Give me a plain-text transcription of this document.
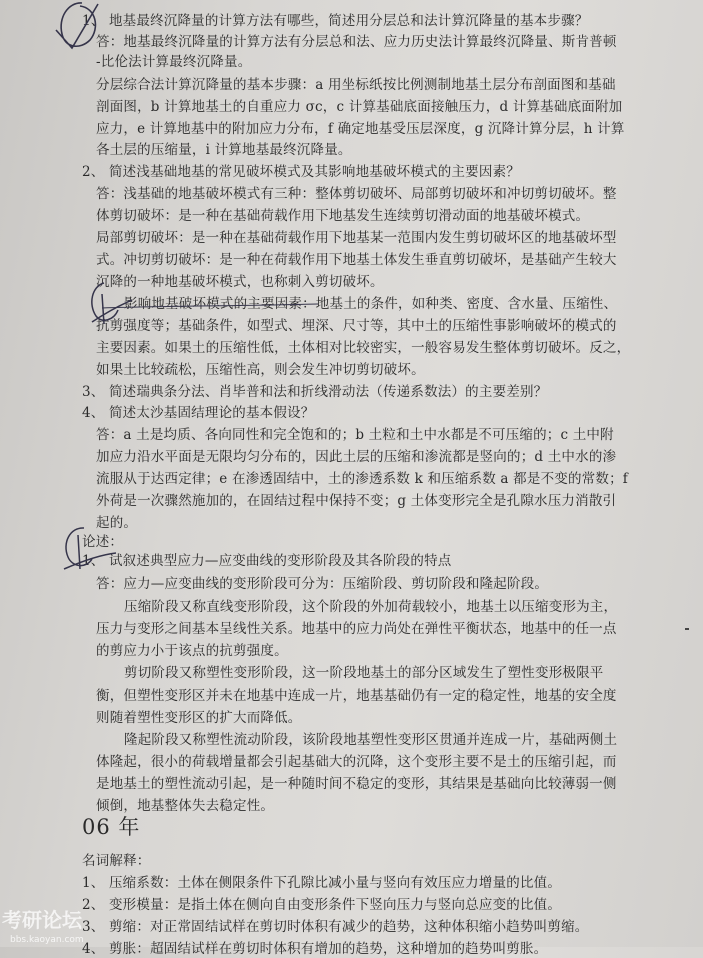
1、 地基最终沉降量的计算方法有哪些，简述用分层总和法计算沉降量的基本步骤？
答：地基最终沉降量的计算方法有分层总和法、应力历史法计算最终沉降量、斯肯普顿
-比伦法计算最终沉降量。
分层综合法计算沉降量的基本步骤：a 用坐标纸按比例测制地基土层分布剖面图和基础
剖面图，b 计算地基土的自重应力 σc，c 计算基础底面接触压力，d 计算基础底面附加
应力，e 计算地基中的附加应力分布，f 确定地基受压层深度，g 沉降计算分层，h 计算
各土层的压缩量，i 计算地基最终沉降量。
2、 简述浅基础地基的常见破坏模式及其影响地基破坏模式的主要因素？
答：浅基础的地基破坏模式有三种：整体剪切破坏、局部剪切破坏和冲切剪切破坏。整
体剪切破坏：是一种在基础荷载作用下地基发生连续剪切滑动面的地基破坏模式。
局部剪切破坏：是一种在基础荷载作用下地基某一范围内发生剪切破坏区的地基破坏型
式。冲切剪切破坏：是一种在荷载作用下地基土体发生垂直剪切破坏，是基础产生较大
沉降的一种地基破坏模式，也称刺入剪切破坏。
影响地基破坏模式的主要因素：地基土的条件，如种类、密度、含水量、压缩性、
抗剪强度等；基础条件，如型式、埋深、尺寸等，其中土的压缩性事影响破坏的模式的
主要因素。如果土的压缩性低，土体相对比较密实，一般容易发生整体剪切破坏。反之，
如果土比较疏松，压缩性高，则会发生冲切剪切破坏。
3、 简述瑞典条分法、肖毕普和法和折线滑动法（传递系数法）的主要差别？
4、 简述太沙基固结理论的基本假设？
答：a 土是均质、各向同性和完全饱和的；b 土粒和土中水都是不可压缩的；c 土中附
加应力沿水平面是无限均匀分布的，因此土层的压缩和渗流都是竖向的；d 土中水的渗
流服从于达西定律；e 在渗透固结中，土的渗透系数 k 和压缩系数 a 都是不变的常数；f
外荷是一次骤然施加的，在固结过程中保持不变；g 土体变形完全是孔隙水压力消散引
起的。
论述：
1、 试叙述典型应力—应变曲线的变形阶段及其各阶段的特点
答：应力—应变曲线的变形阶段可分为：压缩阶段、剪切阶段和隆起阶段。
压缩阶段又称直线变形阶段，这个阶段的外加荷载较小，地基土以压缩变形为主，
压力与变形之间基本呈线性关系。地基中的应力尚处在弹性平衡状态，地基中的任一点
的剪应力小于该点的抗剪强度。
剪切阶段又称塑性变形阶段，这一阶段地基土的部分区域发生了塑性变形极限平
衡，但塑性变形区并未在地基中连成一片，地基基础仍有一定的稳定性，地基的安全度
则随着塑性变形区的扩大而降低。
隆起阶段又称塑性流动阶段，该阶段地基塑性变形区贯通并连成一片，基础两侧土
体隆起，很小的荷载增量都会引起基础大的沉降，这个变形主要不是土的压缩引起，而
是地基土的塑性流动引起，是一种随时间不稳定的变形，其结果是基础向比较薄弱一侧
倾倒，地基整体失去稳定性。
06 年
名词解释：
1、 压缩系数：土体在侧限条件下孔隙比减小量与竖向有效压应力增量的比值。
2、 变形模量：是指土体在侧向自由变形条件下竖向压力与竖向总应变的比值。
3、 剪缩：对正常固结试样在剪切时体积有减少的趋势，这种体积缩小趋势叫剪缩。
4、 剪胀：超固结试样在剪切时体积有增加的趋势，这种增加的趋势叫剪胀。
考研论坛
bbs.kaoyan.com
